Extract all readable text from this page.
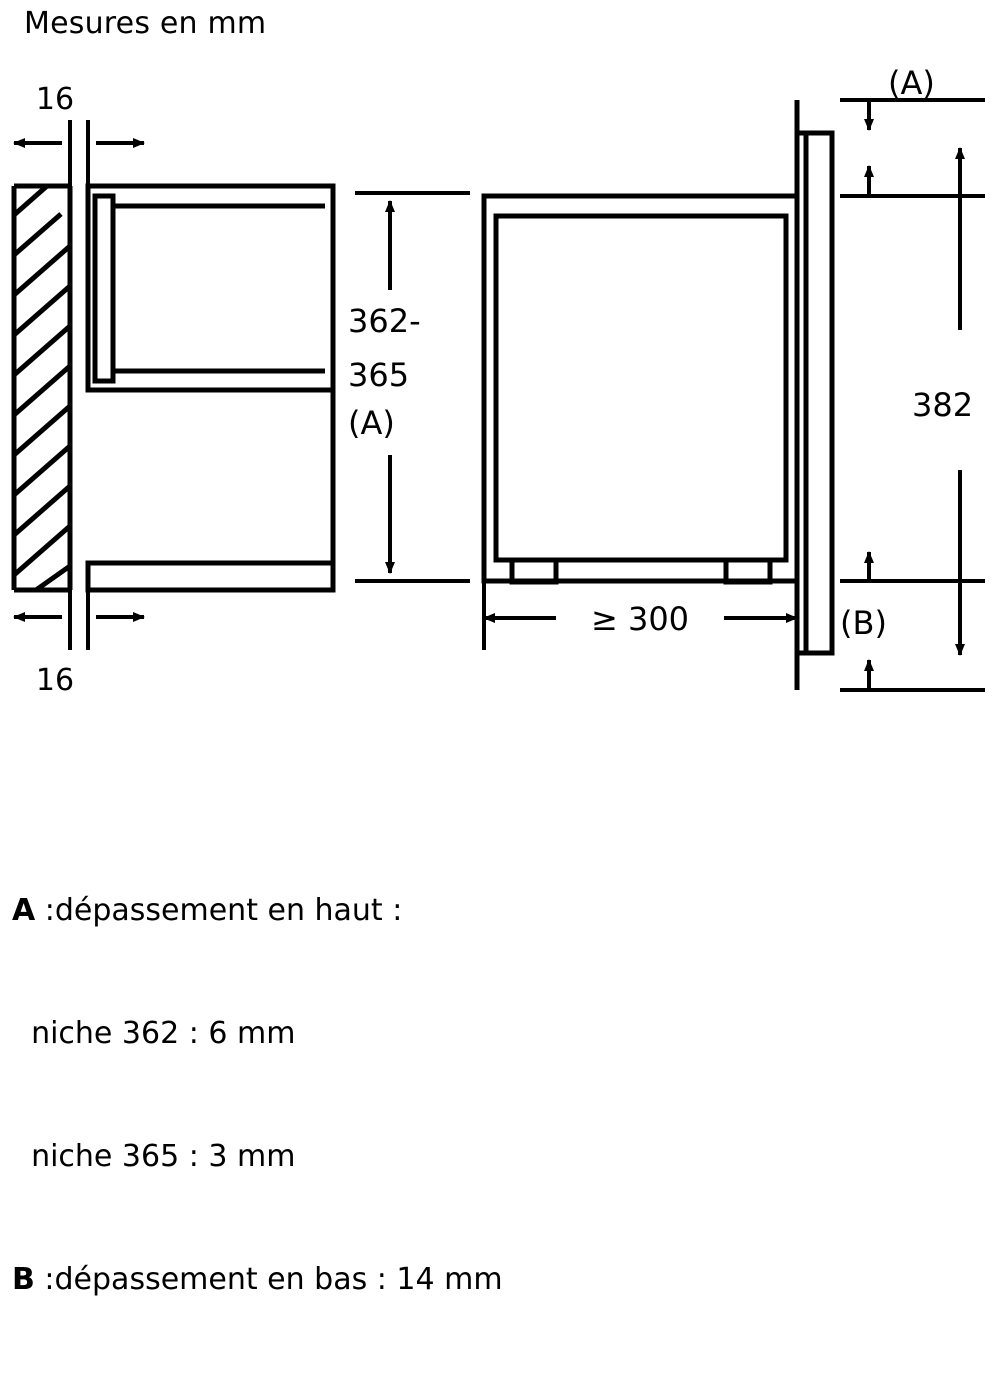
Mesures en mm
16
16
362-
365
(A)
≥ 300
(A)
(B)
382

A :dépassement en haut :

niche 362 : 6 mm

niche 365 : 3 mm

B :dépassement en bas : 14 mm
